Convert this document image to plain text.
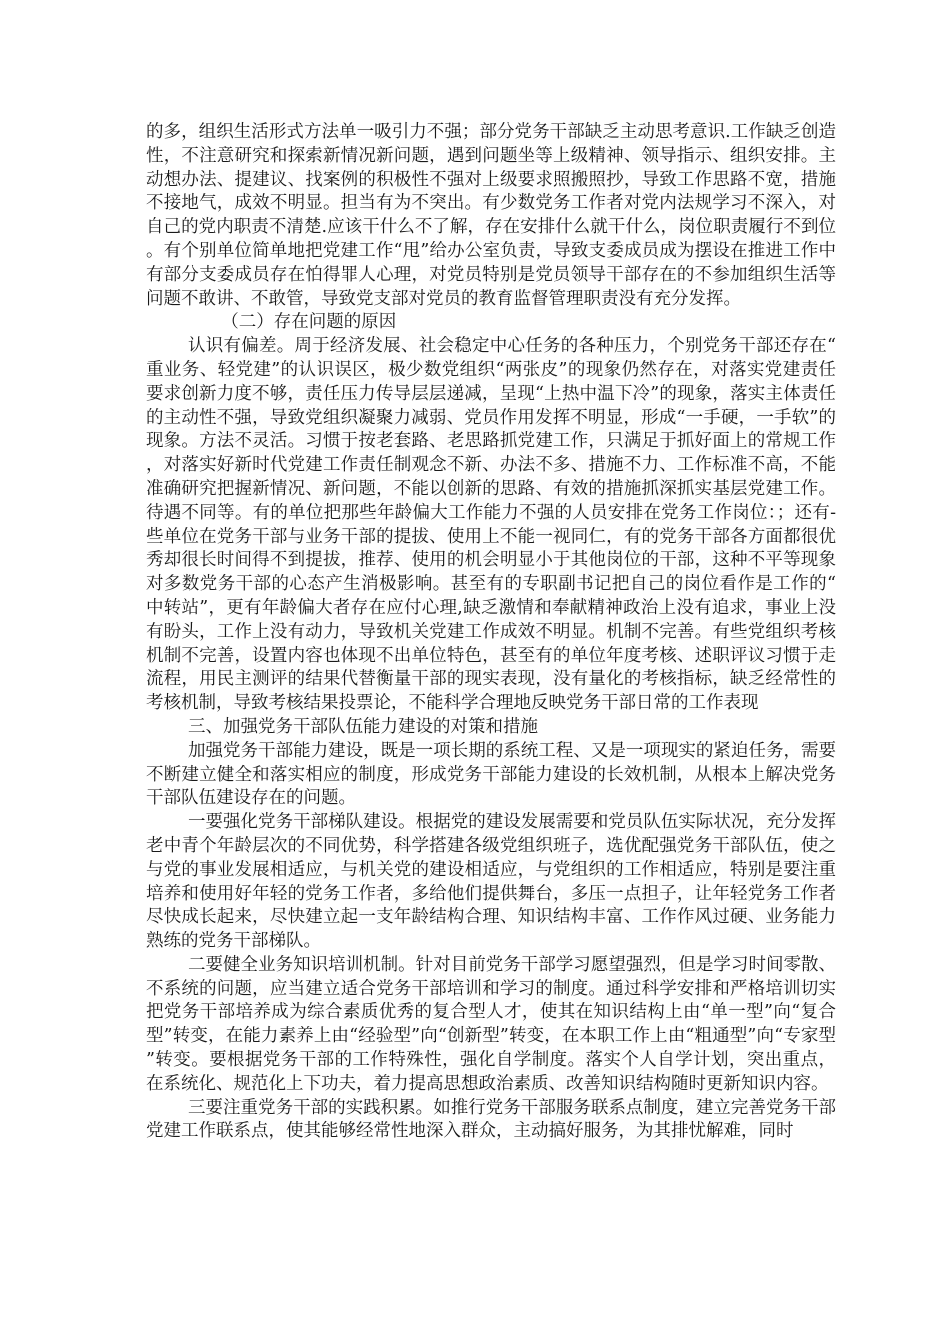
的多，组织生活形式方法单一吸引力不强；部分党务干部缺乏主动思考意识.工作缺乏创造性，不注意研究和探索新情况新问题，遇到问题坐等上级精神、领导指示、组织安排。主动想办法、提建议、找案例的积极性不强对上级要求照搬照抄，导致工作思路不宽，措施不接地气，成效不明显。担当有为不突出。有少数党务工作者对党内法规学习不深入，对自己的党内职责不清楚.应该干什么不了解，存在安排什么就干什么，岗位职责履行不到位。有个别单位简单地把党建工作“甩”给办公室负责，导致支委成员成为摆设在推进工作中有部分支委成员存在怕得罪人心理，对党员特别是党员领导干部存在的不参加组织生活等问题不敢讲、不敢管，导致党支部对党员的教育监督管理职责没有充分发挥。

（二）存在问题的原因

认识有偏差。周于经济发展、社会稳定中心任务的各种压力，个别党务干部还存在“重业务、轻党建”的认识误区，极少数党组织“两张皮”的现象仍然存在，对落实党建责任要求创新力度不够，责任压力传导层层递减，呈现“上热中温下冷”的现象，落实主体责任的主动性不强，导致党组织凝聚力减弱、党员作用发挥不明显，形成“一手硬，一手软”的现象。方法不灵活。习惯于按老套路、老思路抓党建工作，只满足于抓好面上的常规工作，对落实好新时代党建工作责任制观念不新、办法不多、措施不力、工作标准不高，不能准确研究把握新情况、新问题，不能以创新的思路、有效的措施抓深抓实基层党建工作。待遇不同等。有的单位把那些年龄偏大工作能力不强的人员安排在党务工作岗位：；还有-些单位在党务干部与业务干部的提拔、使用上不能一视同仁，有的党务干部各方面都很优秀却很长时间得不到提拔，推荐、使用的机会明显小于其他岗位的干部，这种不平等现象对多数党务干部的心态产生消极影响。甚至有的专职副书记把自己的岗位看作是工作的“中转站”，更有年龄偏大者存在应付心理,缺乏激情和奉献精神政治上没有追求，事业上没有盼头，工作上没有动力，导致机关党建工作成效不明显。机制不完善。有些党组织考核机制不完善，设置内容也体现不出单位特色，甚至有的单位年度考核、述职评议习惯于走流程，用民主测评的结果代替衡量干部的现实表现，没有量化的考核指标，缺乏经常性的考核机制，导致考核结果投票论，不能科学合理地反映党务干部日常的工作表现

三、加强党务干部队伍能力建设的对策和措施

加强党务干部能力建设，既是一项长期的系统工程、又是一项现实的紧迫任务，需要不断建立健全和落实相应的制度，形成党务干部能力建设的长效机制，从根本上解决党务干部队伍建设存在的问题。

一要强化党务干部梯队建设。根据党的建设发展需要和党员队伍实际状况，充分发挥老中青个年龄层次的不同优势，科学搭建各级党组织班子，选优配强党务干部队伍，使之与党的事业发展相适应，与机关党的建设相适应，与党组织的工作相适应，特别是要注重培养和使用好年轻的党务工作者，多给他们提供舞台，多压一点担子，让年轻党务工作者尽快成长起来，尽快建立起一支年龄结构合理、知识结构丰富、工作作风过硬、业务能力熟练的党务干部梯队。

二要健全业务知识培训机制。针对目前党务干部学习愿望强烈，但是学习时间零散、不系统的问题，应当建立适合党务干部培训和学习的制度。通过科学安排和严格培训切实把党务干部培养成为综合素质优秀的复合型人才，使其在知识结构上由“单一型”向“复合型”转变，在能力素养上由“经验型”向“创新型”转变，在本职工作上由“粗通型”向“专家型”转变。要根据党务干部的工作特殊性，强化自学制度。落实个人自学计划，突出重点，在系统化、规范化上下功夫，着力提高思想政治素质、改善知识结构随时更新知识内容。

三要注重党务干部的实践积累。如推行党务干部服务联系点制度，建立完善党务干部党建工作联系点，使其能够经常性地深入群众，主动搞好服务，为其排忧解难，同时
